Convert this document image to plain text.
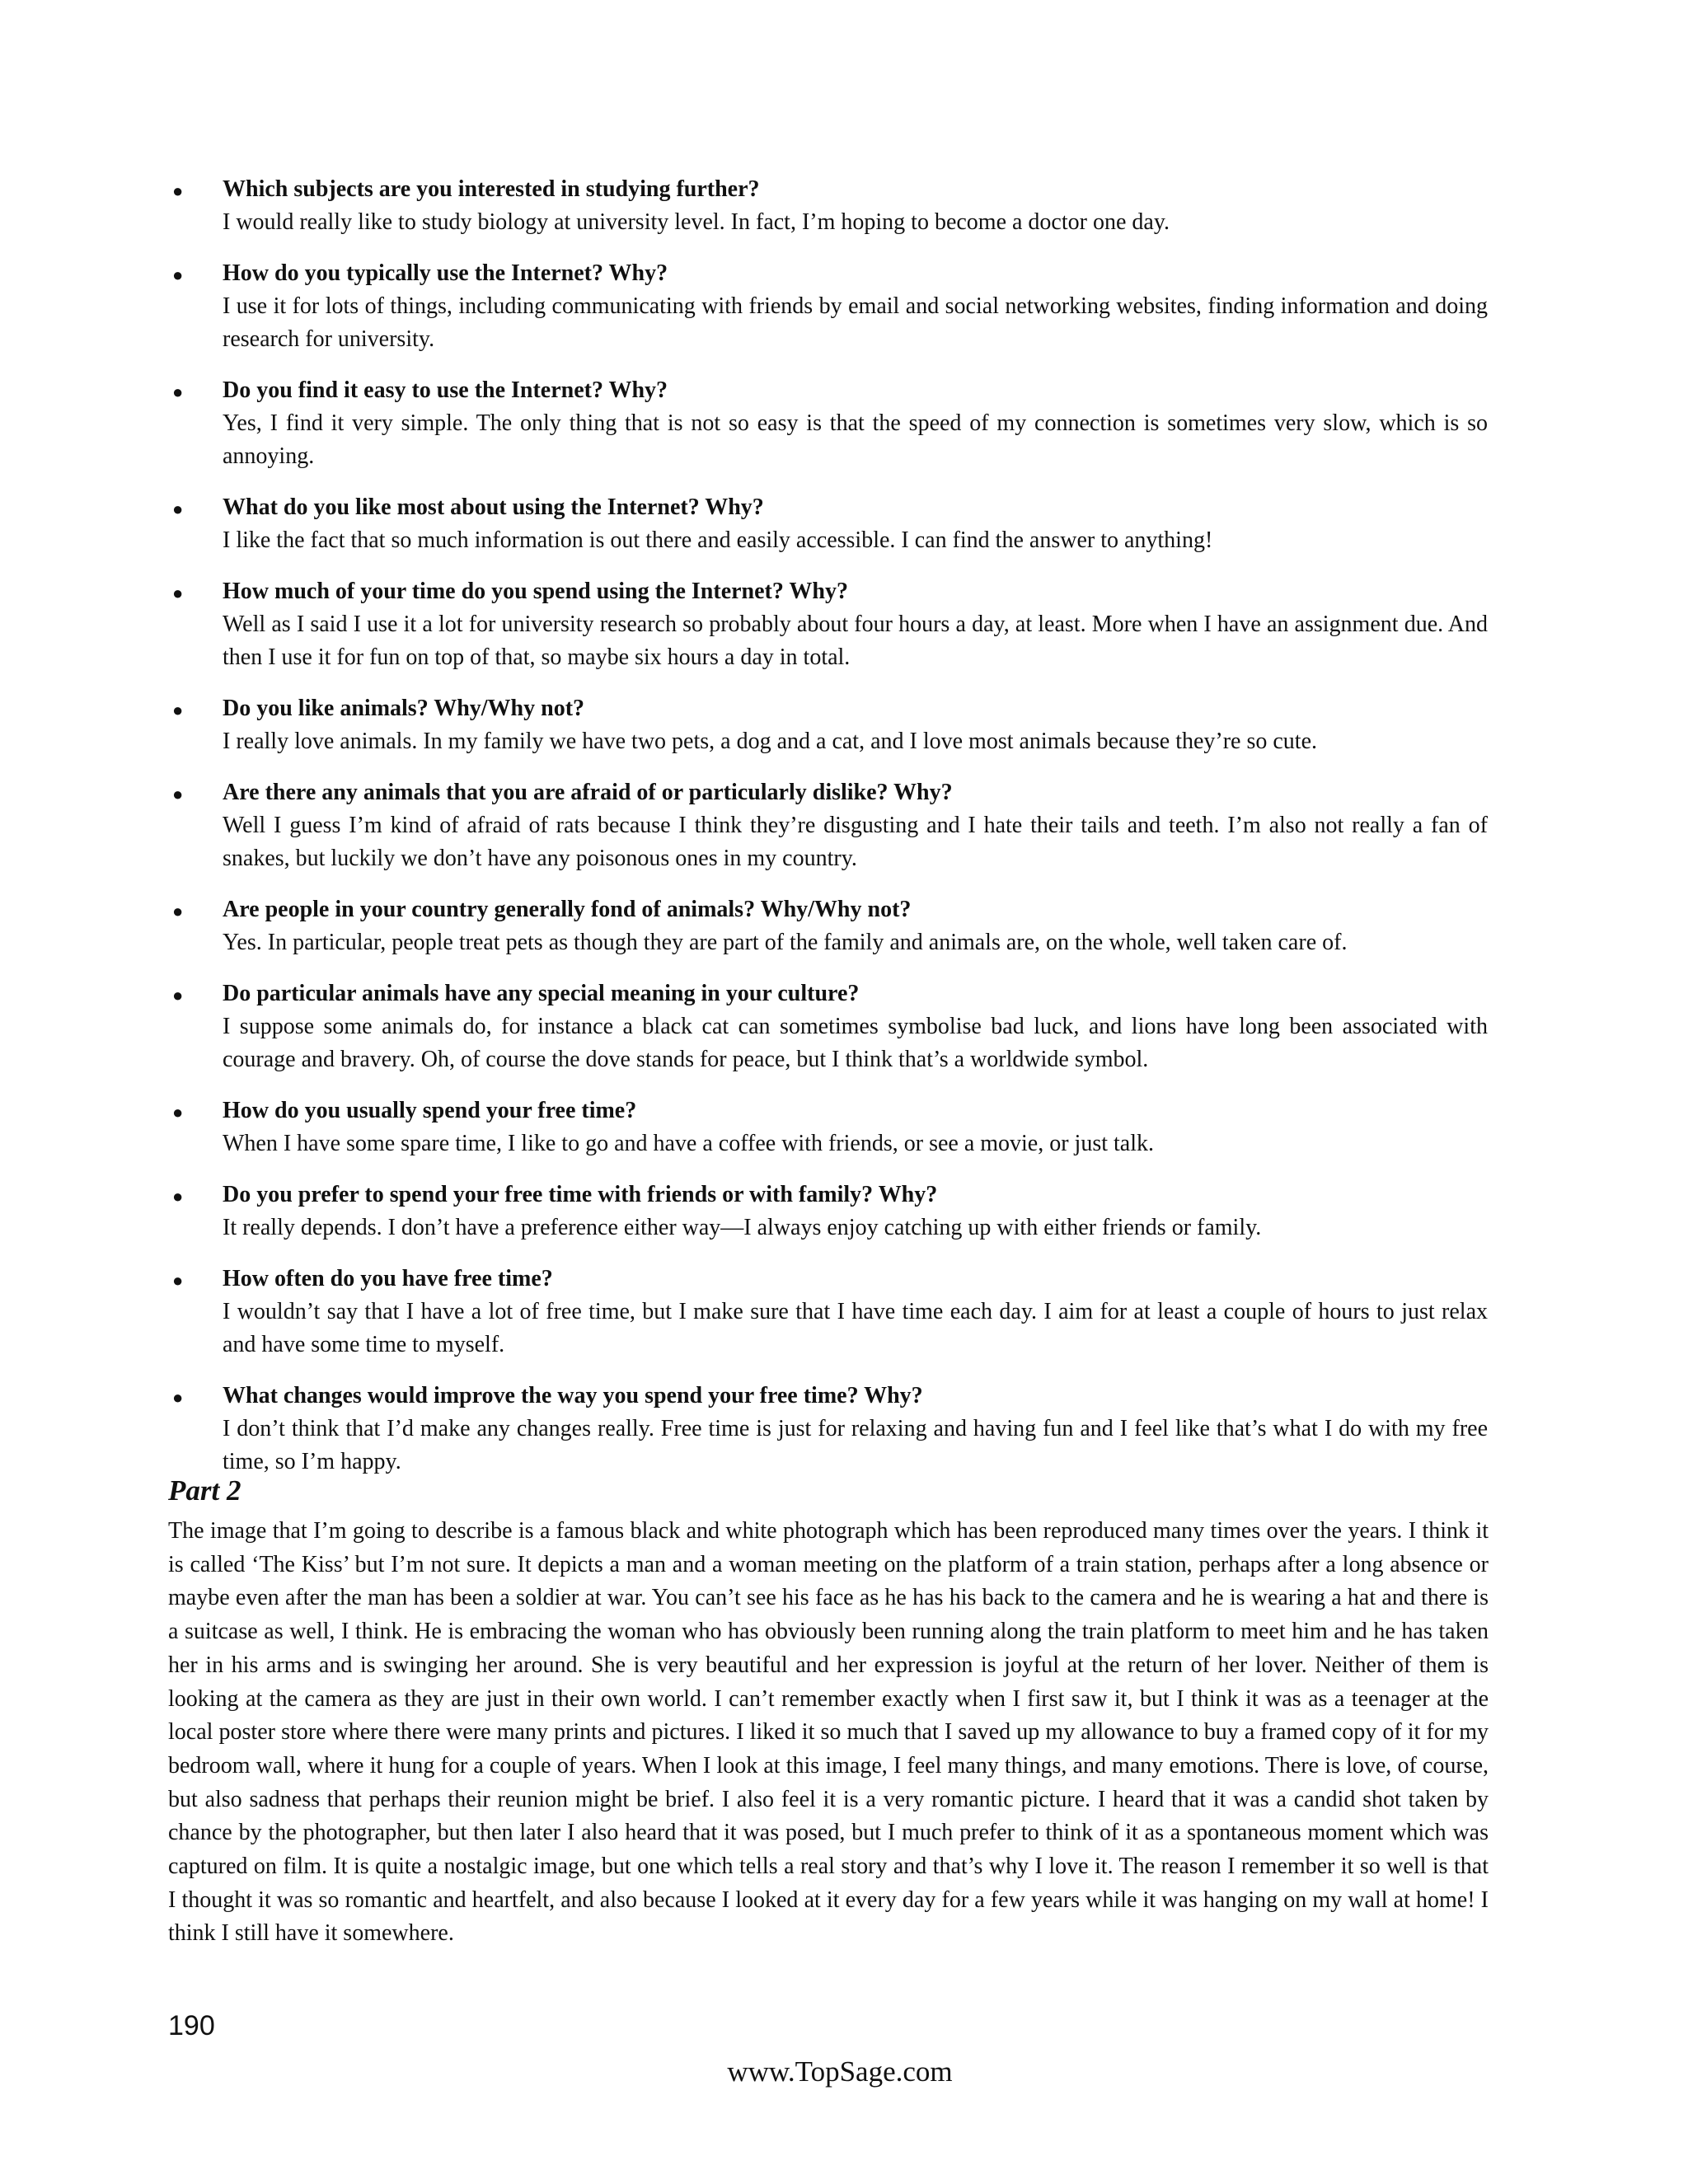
● Which subjects are you interested in studying further?
I would really like to study biology at university level. In fact, I’m hoping to become a doctor one day.
● How do you typically use the Internet? Why?
I use it for lots of things, including communicating with friends by email and social networking websites, finding information and doing research for university.
● Do you find it easy to use the Internet? Why?
Yes, I find it very simple. The only thing that is not so easy is that the speed of my connection is sometimes very slow, which is so annoying.
● What do you like most about using the Internet? Why?
I like the fact that so much information is out there and easily accessible. I can find the answer to anything!
● How much of your time do you spend using the Internet? Why?
Well as I said I use it a lot for university research so probably about four hours a day, at least. More when I have an assignment due. And then I use it for fun on top of that, so maybe six hours a day in total.
● Do you like animals? Why/Why not?
I really love animals. In my family we have two pets, a dog and a cat, and I love most animals because they’re so cute.
● Are there any animals that you are afraid of or particularly dislike? Why?
Well I guess I’m kind of afraid of rats because I think they’re disgusting and I hate their tails and teeth. I’m also not really a fan of snakes, but luckily we don’t have any poisonous ones in my country.
● Are people in your country generally fond of animals? Why/Why not?
Yes. In particular, people treat pets as though they are part of the family and animals are, on the whole, well taken care of.
● Do particular animals have any special meaning in your culture?
I suppose some animals do, for instance a black cat can sometimes symbolise bad luck, and lions have long been associated with courage and bravery. Oh, of course the dove stands for peace, but I think that’s a worldwide symbol.
● How do you usually spend your free time?
When I have some spare time, I like to go and have a coffee with friends, or see a movie, or just talk.
● Do you prefer to spend your free time with friends or with family? Why?
It really depends. I don’t have a preference either way—I always enjoy catching up with either friends or family.
● How often do you have free time?
I wouldn’t say that I have a lot of free time, but I make sure that I have time each day. I aim for at least a couple of hours to just relax and have some time to myself.
● What changes would improve the way you spend your free time? Why?
I don’t think that I’d make any changes really. Free time is just for relaxing and having fun and I feel like that’s what I do with my free time, so I’m happy.
Part 2
The image that I’m going to describe is a famous black and white photograph which has been reproduced many times over the years. I think it is called ‘The Kiss’ but I’m not sure. It depicts a man and a woman meeting on the platform of a train station, perhaps after a long absence or maybe even after the man has been a soldier at war. You can’t see his face as he has his back to the camera and he is wearing a hat and there is a suitcase as well, I think. He is embracing the woman who has obviously been running along the train platform to meet him and he has taken her in his arms and is swinging her around. She is very beautiful and her expression is joyful at the return of her lover. Neither of them is looking at the camera as they are just in their own world. I can’t remember exactly when I first saw it, but I think it was as a teenager at the local poster store where there were many prints and pictures. I liked it so much that I saved up my allowance to buy a framed copy of it for my bedroom wall, where it hung for a couple of years. When I look at this image, I feel many things, and many emotions. There is love, of course, but also sadness that perhaps their reunion might be brief. I also feel it is a very romantic picture. I heard that it was a candid shot taken by chance by the photographer, but then later I also heard that it was posed, but I much prefer to think of it as a spontaneous moment which was captured on film. It is quite a nostalgic image, but one which tells a real story and that’s why I love it. The reason I remember it so well is that I thought it was so romantic and heartfelt, and also because I looked at it every day for a few years while it was hanging on my wall at home! I think I still have it somewhere.
190
www.TopSage.com
